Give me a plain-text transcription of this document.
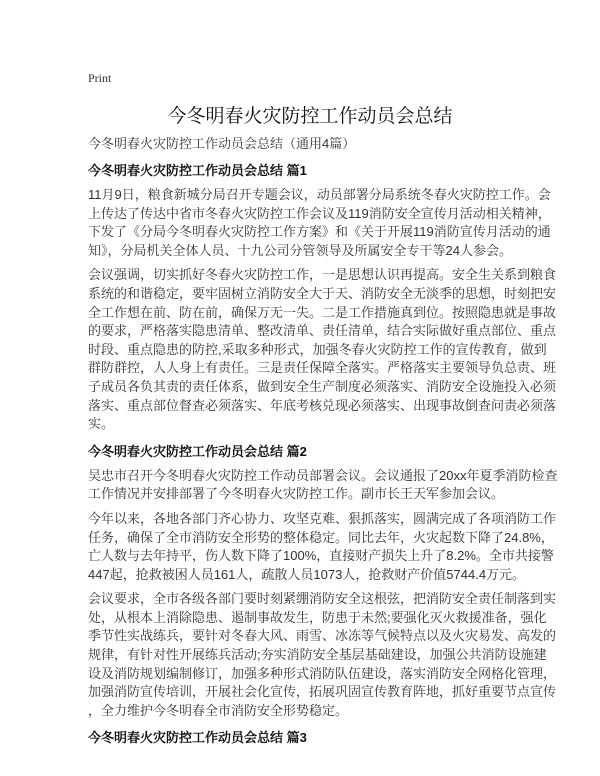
Print
今冬明春火灾防控工作动员会总结
今冬明春火灾防控工作动员会总结（通用4篇）
今冬明春火灾防控工作动员会总结 篇1
11月9日，粮食新城分局召开专题会议，动员部署分局系统冬春火灾防控工作。会
上传达了传达中省市冬春火灾防控工作会议及119消防安全宣传月活动相关精神，
下发了《分局今冬明春火灾防控工作方案》和《关于开展119消防宣传月活动的通
知》，分局机关全体人员、十九公司分管领导及所属安全专干等24人参会。
会议强调，切实抓好冬春火灾防控工作，一是思想认识再提高。安全生关系到粮食
系统的和谐稳定，要牢固树立消防安全大于天、消防安全无淡季的思想，时刻把安
全工作想在前、防在前，确保万无一失。二是工作措施真到位。按照隐患就是事故
的要求，严格落实隐患清单、整改清单、责任清单，结合实际做好重点部位、重点
时段、重点隐患的防控,采取多种形式，加强冬春火灾防控工作的宣传教育，做到
群防群控，人人身上有责任。三是责任保障全落实。严格落实主要领导负总责、班
子成员各负其责的责任体系，做到安全生产制度必须落实、消防安全设施投入必须
落实、重点部位督查必须落实、年底考核兑现必须落实、出现事故倒查问责必须落
实。
今冬明春火灾防控工作动员会总结 篇2
吴忠市召开今冬明春火灾防控工作动员部署会议。会议通报了20xx年夏季消防检查
工作情况并安排部署了今冬明春火灾防控工作。副市长王天军参加会议。
今年以来，各地各部门齐心协力、攻坚克难、狠抓落实，圆满完成了各项消防工作
任务，确保了全市消防安全形势的整体稳定。同比去年，火灾起数下降了24.8%，
亡人数与去年持平，伤人数下降了100%，直接财产损失上升了8.2%。全市共接警
447起，抢救被困人员161人，疏散人员1073人，抢救财产价值5744.4万元。
会议要求，全市各级各部门要时刻紧绷消防安全这根弦，把消防安全责任制落到实
处，从根本上消除隐患、遏制事故发生，防患于未然;要强化灭火救援准备，强化
季节性实战练兵，要针对冬春大风、雨雪、冰冻等气候特点以及火灾易发、高发的
规律，有针对性开展练兵活动;夯实消防安全基层基础建设，加强公共消防设施建
设及消防规划编制修订，加强多种形式消防队伍建设，落实消防安全网格化管理，
加强消防宣传培训，开展社会化宣传，拓展巩固宣传教育阵地，抓好重要节点宣传
，全力维护今冬明春全市消防安全形势稳定。
今冬明春火灾防控工作动员会总结 篇3
